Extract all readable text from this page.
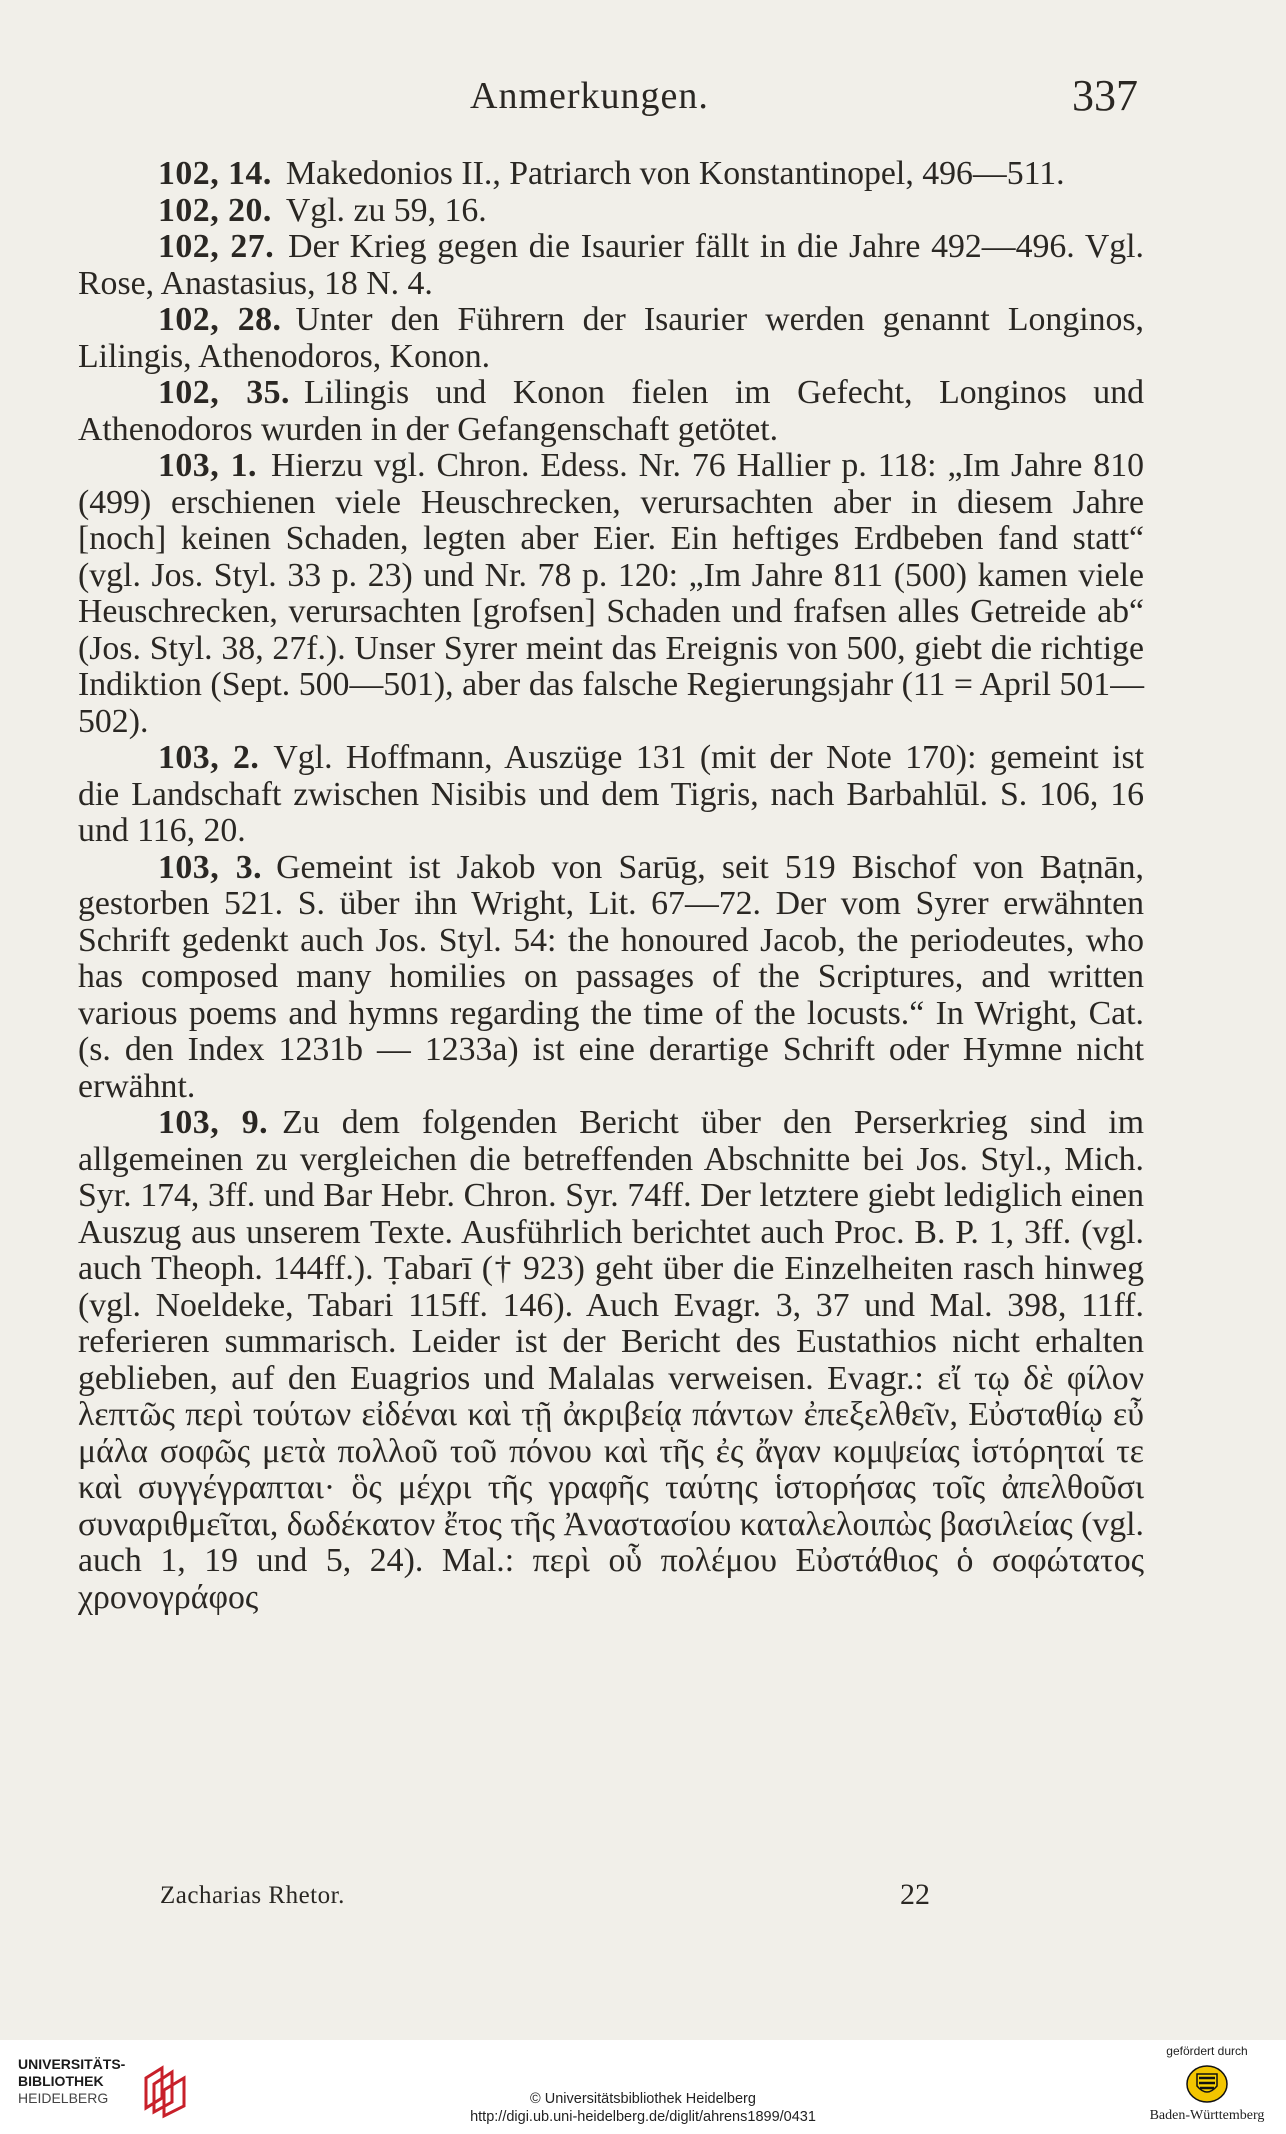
Anmerkungen.	337

102, 14. Makedonios II., Patriarch von Konstantinopel, 496—511.

102, 20. Vgl. zu 59, 16.

102, 27. Der Krieg gegen die Isaurier fällt in die Jahre 492—496. Vgl. Rose, Anastasius, 18 N. 4.

102, 28. Unter den Führern der Isaurier werden genannt Longinos, Lilingis, Athenodoros, Konon.

102, 35. Lilingis und Konon fielen im Gefecht, Longinos und Athenodoros wurden in der Gefangenschaft getötet.

103, 1. Hierzu vgl. Chron. Edess. Nr. 76 Hallier p. 118: „Im Jahre 810 (499) erschienen viele Heuschrecken, verursachten aber in diesem Jahre [noch] keinen Schaden, legten aber Eier. Ein heftiges Erdbeben fand statt“ (vgl. Jos. Styl. 33 p. 23) und Nr. 78 p. 120: „Im Jahre 811 (500) kamen viele Heuschrecken, verursachten [grofsen] Schaden und frafsen alles Getreide ab“ (Jos. Styl. 38, 27f.). Unser Syrer meint das Ereignis von 500, giebt die richtige Indiktion (Sept. 500—501), aber das falsche Regierungsjahr (11 = April 501—502).

103, 2. Vgl. Hoffmann, Auszüge 131 (mit der Note 170): gemeint ist die Landschaft zwischen Nisibis und dem Tigris, nach Barbahlūl. S. 106, 16 und 116, 20.

103, 3. Gemeint ist Jakob von Sarūg, seit 519 Bischof von Baṭnān, gestorben 521. S. über ihn Wright, Lit. 67—72. Der vom Syrer erwähnten Schrift gedenkt auch Jos. Styl. 54: the honoured Jacob, the periodeutes, who has composed many homilies on passages of the Scriptures, and written various poems and hymns regarding the time of the locusts.“ In Wright, Cat. (s. den Index 1231b — 1233a) ist eine derartige Schrift oder Hymne nicht erwähnt.

103, 9. Zu dem folgenden Bericht über den Perserkrieg sind im allgemeinen zu vergleichen die betreffenden Abschnitte bei Jos. Styl., Mich. Syr. 174, 3ff. und Bar Hebr. Chron. Syr. 74ff. Der letztere giebt lediglich einen Auszug aus unserem Texte. Ausführlich berichtet auch Proc. B. P. 1, 3ff. (vgl. auch Theoph. 144ff.). Ṭabarī († 923) geht über die Einzelheiten rasch hinweg (vgl. Noeldeke, Tabari 115ff. 146). Auch Evagr. 3, 37 und Mal. 398, 11ff. referieren summarisch. Leider ist der Bericht des Eustathios nicht erhalten geblieben, auf den Euagrios und Malalas verweisen. Evagr.: εἴ τῳ δὲ φίλον λεπτῶς περὶ τούτων εἰδέναι καὶ τῇ ἀκριβείᾳ πάντων ἐπεξελθεῖν, Εὐσταθίῳ εὖ μάλα σοφῶς μετὰ πολλοῦ τοῦ πόνου καὶ τῆς ἐς ἄγαν κομψείας ἱστόρηταί τε καὶ συγγέγραπται· ὃς μέχρι τῆς γραφῆς ταύτης ἱστορήσας τοῖς ἀπελθοῦσι συναριθμεῖται, δωδέκατον ἔτος τῆς Ἀναστασίου καταλελοιπὼς βασιλείας (vgl. auch 1, 19 und 5, 24). Mal.: περὶ οὗ πολέμου Εὐστάθιος ὁ σοφώτατος χρονογράφος

Zacharias Rhetor.	22
UNIVERSITÄTS-
BIBLIOTHEK
HEIDELBERG	© Universitätsbibliothek Heidelberg
http://digi.ub.uni-heidelberg.de/diglit/ahrens1899/0431
gefördert durch
Baden-Württemberg
